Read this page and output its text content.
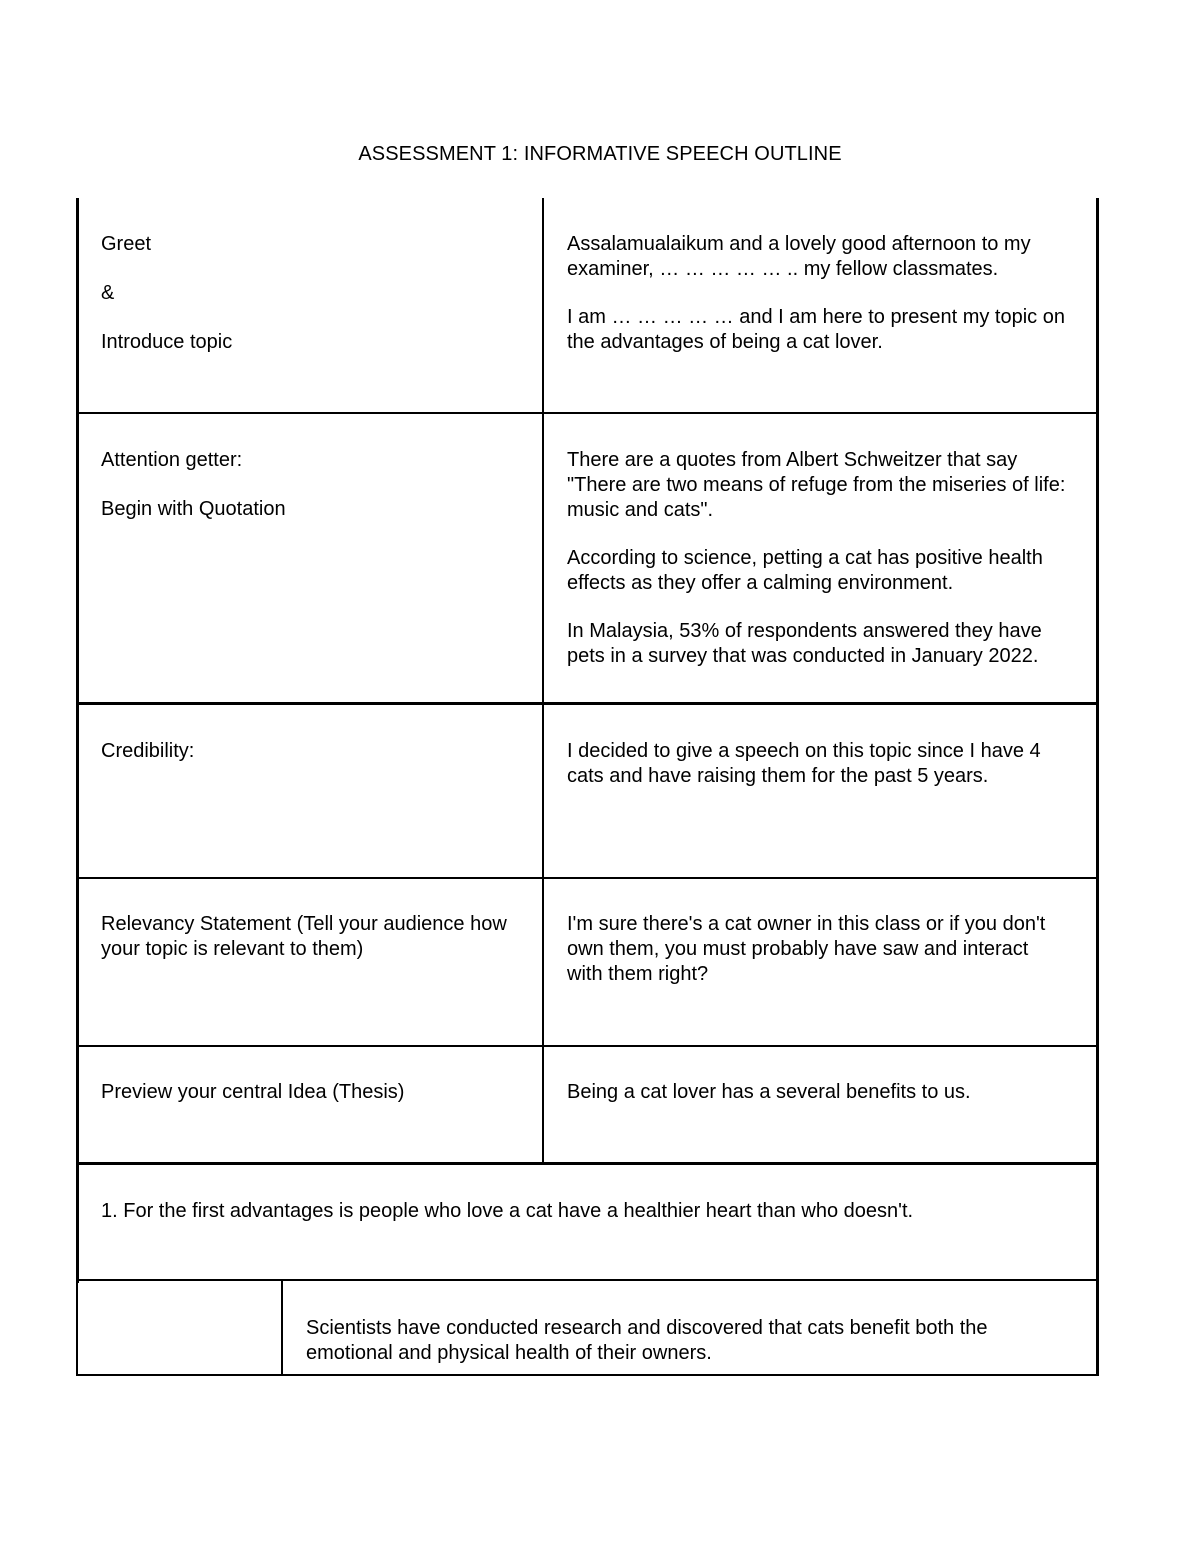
ASSESSMENT 1: INFORMATIVE SPEECH OUTLINE

Greet

&

Introduce topic

Assalamualaikum and a lovely good afternoon to my examiner, … … … … … .. my fellow classmates.

I am … … … … … and I am here to present my topic on the advantages of being a cat lover.

Attention getter:

Begin with Quotation

There are a quotes from Albert Schweitzer that say "There are two means of refuge from the miseries of life: music and cats".

According to science, petting a cat has positive health effects as they offer a calming environment.

In Malaysia, 53% of respondents answered they have pets in a survey that was conducted in January 2022.

Credibility:	I decided to give a speech on this topic since I have 4 cats and have raising them for the past 5 years.

Relevancy Statement (Tell your audience how your topic is relevant to them)

I'm sure there's a cat owner in this class or if you don't own them, you must probably have saw and interact with them right?

Preview your central Idea (Thesis)	Being a cat lover has a several benefits to us.

1. For the first advantages is people who love a cat have a healthier heart than who doesn't.
Scientists have conducted research and discovered that cats benefit both the emotional and physical health of their owners.
